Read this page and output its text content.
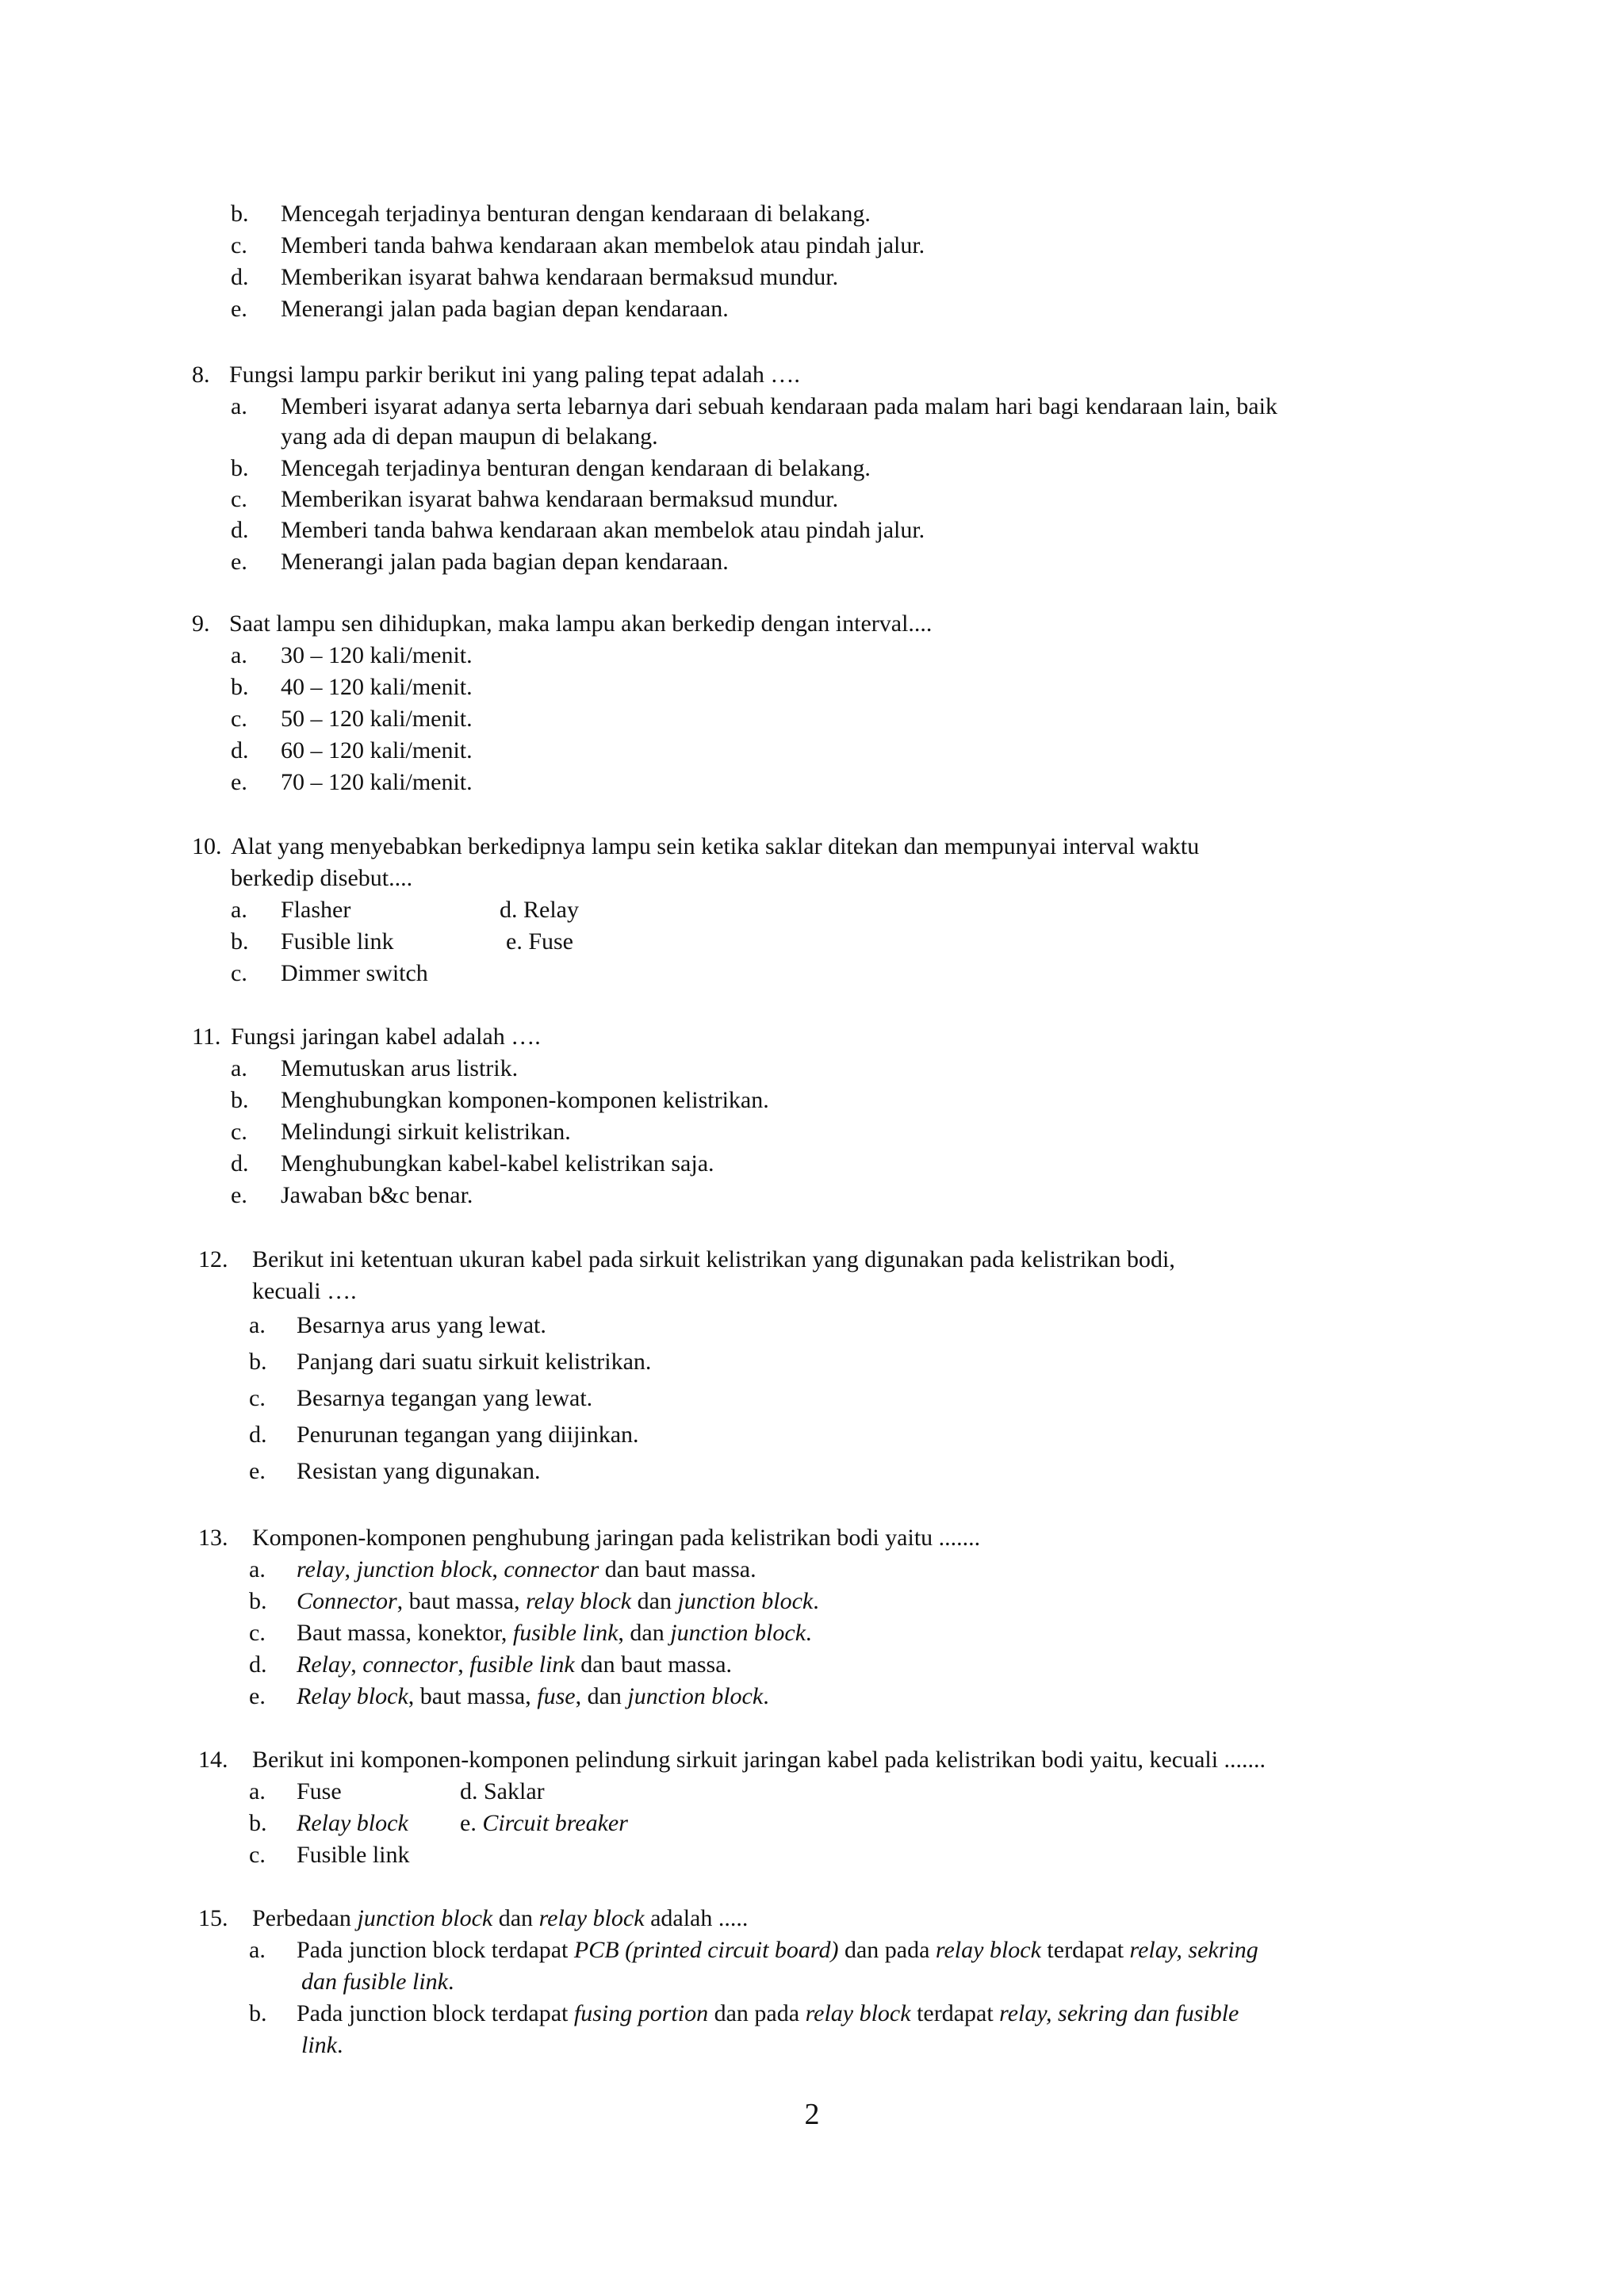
b. Mencegah terjadinya benturan dengan kendaraan di belakang.
c. Memberi tanda bahwa kendaraan akan membelok atau pindah jalur.
d. Memberikan isyarat bahwa kendaraan bermaksud mundur.
e. Menerangi jalan pada bagian depan kendaraan.
8. Fungsi lampu parkir berikut ini yang paling tepat adalah ….
a. Memberi isyarat adanya serta lebarnya dari sebuah kendaraan pada malam hari bagi kendaraan lain, baik
yang ada di depan maupun di belakang.
b. Mencegah terjadinya benturan dengan kendaraan di belakang.
c. Memberikan isyarat bahwa kendaraan bermaksud mundur.
d. Memberi tanda bahwa kendaraan akan membelok atau pindah jalur.
e. Menerangi jalan pada bagian depan kendaraan.
9. Saat lampu sen dihidupkan, maka lampu akan berkedip dengan interval....
a. 30 – 120 kali/menit.
b. 40 – 120 kali/menit.
c. 50 – 120 kali/menit.
d. 60 – 120 kali/menit.
e. 70 – 120 kali/menit.
10. Alat yang menyebabkan berkedipnya lampu sein ketika saklar ditekan dan mempunyai interval waktu
berkedip disebut....
a. Flasher	d. Relay
b. Fusible link	e. Fuse
c. Dimmer switch
11. Fungsi jaringan kabel adalah ….
a. Memutuskan arus listrik.
b. Menghubungkan komponen-komponen kelistrikan.
c. Melindungi sirkuit kelistrikan.
d. Menghubungkan kabel-kabel kelistrikan saja.
e. Jawaban b&c benar.
12. Berikut ini ketentuan ukuran kabel pada sirkuit kelistrikan yang digunakan pada kelistrikan bodi,
kecuali ….
a. Besarnya arus yang lewat.
b. Panjang dari suatu sirkuit kelistrikan.
c. Besarnya tegangan yang lewat.
d. Penurunan tegangan yang diijinkan.
e. Resistan yang digunakan.
13. Komponen-komponen penghubung jaringan pada kelistrikan bodi yaitu .......
a. relay, junction block, connector dan baut massa.
b. Connector, baut massa, relay block dan junction block.
c. Baut massa, konektor, fusible link, dan junction block.
d. Relay, connector, fusible link dan baut massa.
e. Relay block, baut massa, fuse, dan junction block.
14. Berikut ini komponen-komponen pelindung sirkuit jaringan kabel pada kelistrikan bodi yaitu, kecuali .......
a. Fuse	d. Saklar
b. Relay block e. Circuit breaker
c. Fusible link
15. Perbedaan junction block dan relay block adalah .....
a. Pada junction block terdapat PCB (printed circuit board) dan pada relay block terdapat relay, sekring
dan fusible link.
b. Pada junction block terdapat fusing portion dan pada relay block terdapat relay, sekring dan fusible
link.
2
